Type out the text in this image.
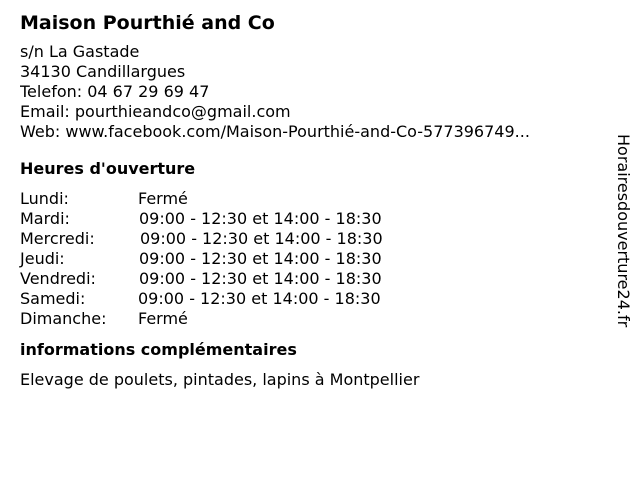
Maison Pourthié and Co
s/n La Gastade
34130 Candillargues
Telefon: 04 67 29 69 47
Email: pourthieandco@gmail.com
Web: www.facebook.com/Maison-Pourthié-and-Co-577396749...
Heures d'ouverture
Lundi:	Fermé
Mardi:	09:00 - 12:30 et 14:00 - 18:30
Mercredi:	09:00 - 12:30 et 14:00 - 18:30
Jeudi:	09:00 - 12:30 et 14:00 - 18:30
Vendredi:	09:00 - 12:30 et 14:00 - 18:30
Samedi:	09:00 - 12:30 et 14:00 - 18:30
Dimanche: Fermé
informations complémentaires
Elevage de poulets, pintades, lapins à Montpellier
Horairesdouverture24.fr
